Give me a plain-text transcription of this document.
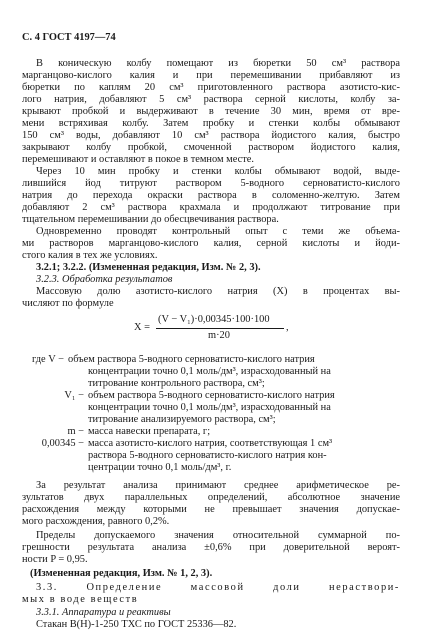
С. 4 ГОСТ 4197—74
В коническую колбу помещают из бюретки 50 см³ раствора
марганцово-кислого калия и при перемешивании прибавляют из
бюретки по каплям 20 см³ приготовленного раствора азотисто-кис-
лого натрия, добавляют 5 см³ раствора серной кислоты, колбу за-
крывают пробкой и выдерживают в течение 30 мин, время от вре-
мени встряхивая колбу. Затем пробку и стенки колбы обмывают
150 см³ воды, добавляют 10 см³ раствора йодистого калия, быстро
закрывают колбу пробкой, смоченной раствором йодистого калия,
перемешивают и оставляют в покое в темном месте.
Через 10 мин пробку и стенки колбы обмывают водой, выде-
лившийся йод титруют раствором 5-водного серноватисто-кислого
натрия до перехода окраски раствора в соломенно-желтую. Затем
добавляют 2 см³ раствора крахмала и продолжают титрование при
тщательном перемешивании до обесцвечивания раствора.
Одновременно проводят контрольный опыт с теми же объема-
ми растворов марганцово-кислого калия, серной кислоты и йоди-
стого калия в тех же условиях.
3.2.1; 3.2.2. (Измененная редакция, Изм. № 2, 3).
3.2.3. Обработка результатов
Массовую долю азотисто-кислого натрия (X) в процентах вы-
числяют по формуле
X =
(V − V₁)·0,00345·100·100
m·20
,
где V − объем раствора 5-водного серноватисто-кислого натрия
концентрации точно 0,1 моль/дм³, израсходованный на
титрование контрольного раствора, см³;
V₁ − объем раствора 5-водного серноватисто-кислого натрия
концентрации точно 0,1 моль/дм³, израсходованный на
титрование анализируемого раствора, см³;
m − масса навески препарата, г;
0,00345 − масса азотисто-кислого натрия, соответствующая 1 см³
раствора 5-водного серноватисто-кислого натрия кон-
центрации точно 0,1 моль/дм³, г.
За результат анализа принимают среднее арифметическое ре-
зультатов двух параллельных определений, абсолютное значение
расхождения между которыми не превышает значения допускае-
мого расхождения, равного 0,2%.
Пределы допускаемого значения относительной суммарной по-
грешности результата анализа ±0,6% при доверительной вероят-
ности P = 0,95.
(Измененная редакция, Изм. № 1, 2, 3).
3.3. Определение массовой доли нераствори-
мых в воде веществ
3.3.1. Аппаратура и реактивы
Стакан В(Н)-1-250 ТХС по ГОСТ 25336—82.
